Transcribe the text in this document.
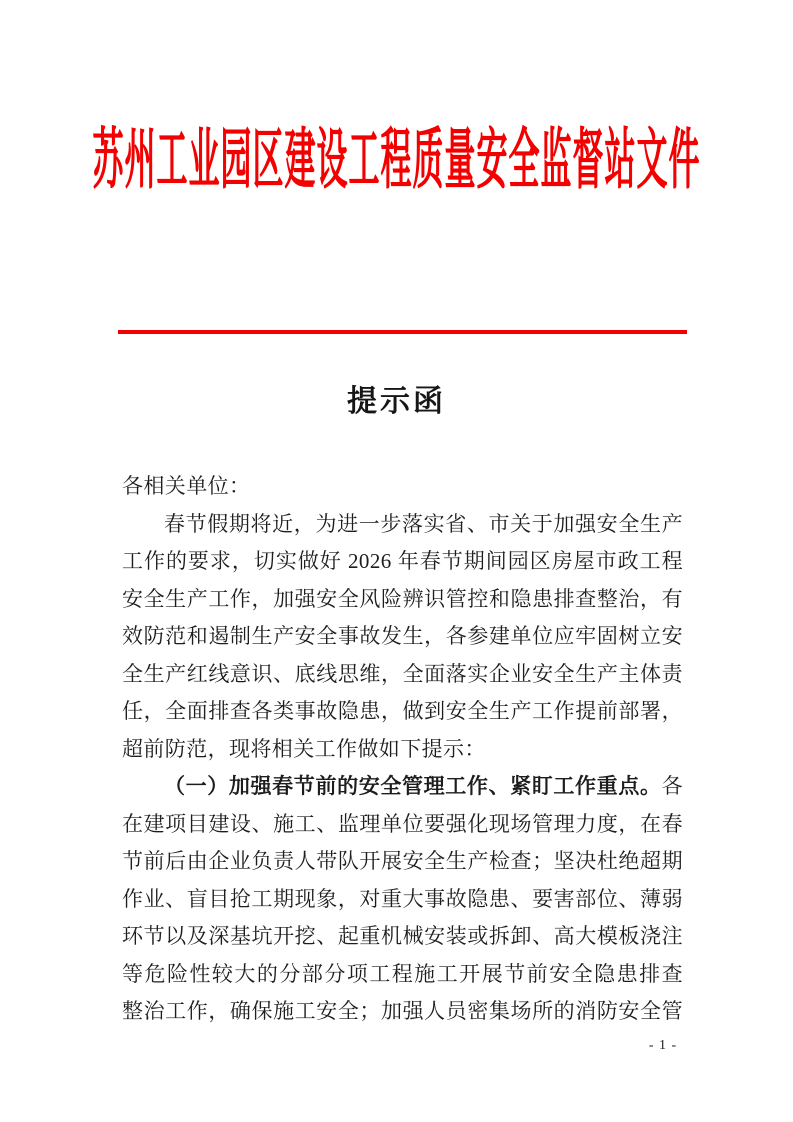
苏州工业园区建设工程质量安全监督站文件
提示函
各相关单位：
春节假期将近，为进一步落实省、市关于加强安全生产
工作的要求，切实做好 2026 年春节期间园区房屋市政工程
安全生产工作，加强安全风险辨识管控和隐患排查整治，有
效防范和遏制生产安全事故发生，各参建单位应牢固树立安
全生产红线意识、底线思维，全面落实企业安全生产主体责
任，全面排查各类事故隐患，做到安全生产工作提前部署，
超前防范，现将相关工作做如下提示：
（一）加强春节前的安全管理工作、紧盯工作重点。各
在建项目建设、施工、监理单位要强化现场管理力度，在春
节前后由企业负责人带队开展安全生产检查；坚决杜绝超期
作业、盲目抢工期现象，对重大事故隐患、要害部位、薄弱
环节以及深基坑开挖、起重机械安装或拆卸、高大模板浇注
等危险性较大的分部分项工程施工开展节前安全隐患排查
整治工作，确保施工安全；加强人员密集场所的消防安全管
- 1 -
